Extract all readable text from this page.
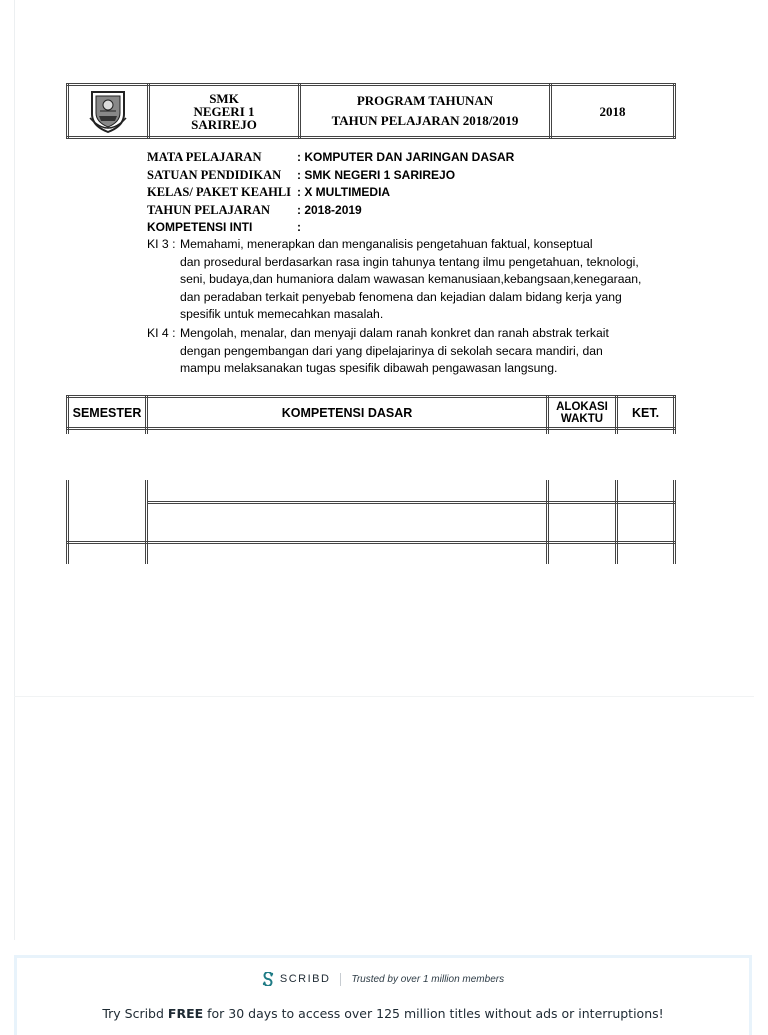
SMK
NEGERI 1
SARIREJO

PROGRAM TAHUNAN
TAHUN PELAJARAN 2018/2019
	2018
MATA PELAJARAN	: KOMPUTER DAN JARINGAN DASAR
SATUAN PENDIDIKAN : SMK NEGERI 1 SARIREJO
KELAS/ PAKET KEAHLI : X MULTIMEDIA
TAHUN PELAJARAN : 2018-2019
KOMPETENSI INTI	:
KI 3 : Memahami, menerapkan dan menganalisis pengetahuan faktual, konseptual
dan prosedural berdasarkan rasa ingin tahunya tentang ilmu pengetahuan, teknologi,
seni, budaya,dan humaniora dalam wawasan kemanusiaan,kebangsaan,kenegaraan,
dan peradaban terkait penyebab fenomena dan kejadian dalam bidang kerja yang
spesifik untuk memecahkan masalah.
KI 4 : Mengolah, menalar, dan menyaji dalam ranah konkret dan ranah abstrak terkait
dengan pengembangan dari yang dipelajarinya di sekolah secara mandiri, dan
mampu melaksanakan tugas spesifik dibawah pengawasan langsung.
SEMESTER	KOMPETENSI DASAR	ALOKASI WAKTU	KET.

SCRIBD Trusted by over 1 million members
Try Scribd FREE for 30 days to access over 125 million titles without ads or interruptions!
